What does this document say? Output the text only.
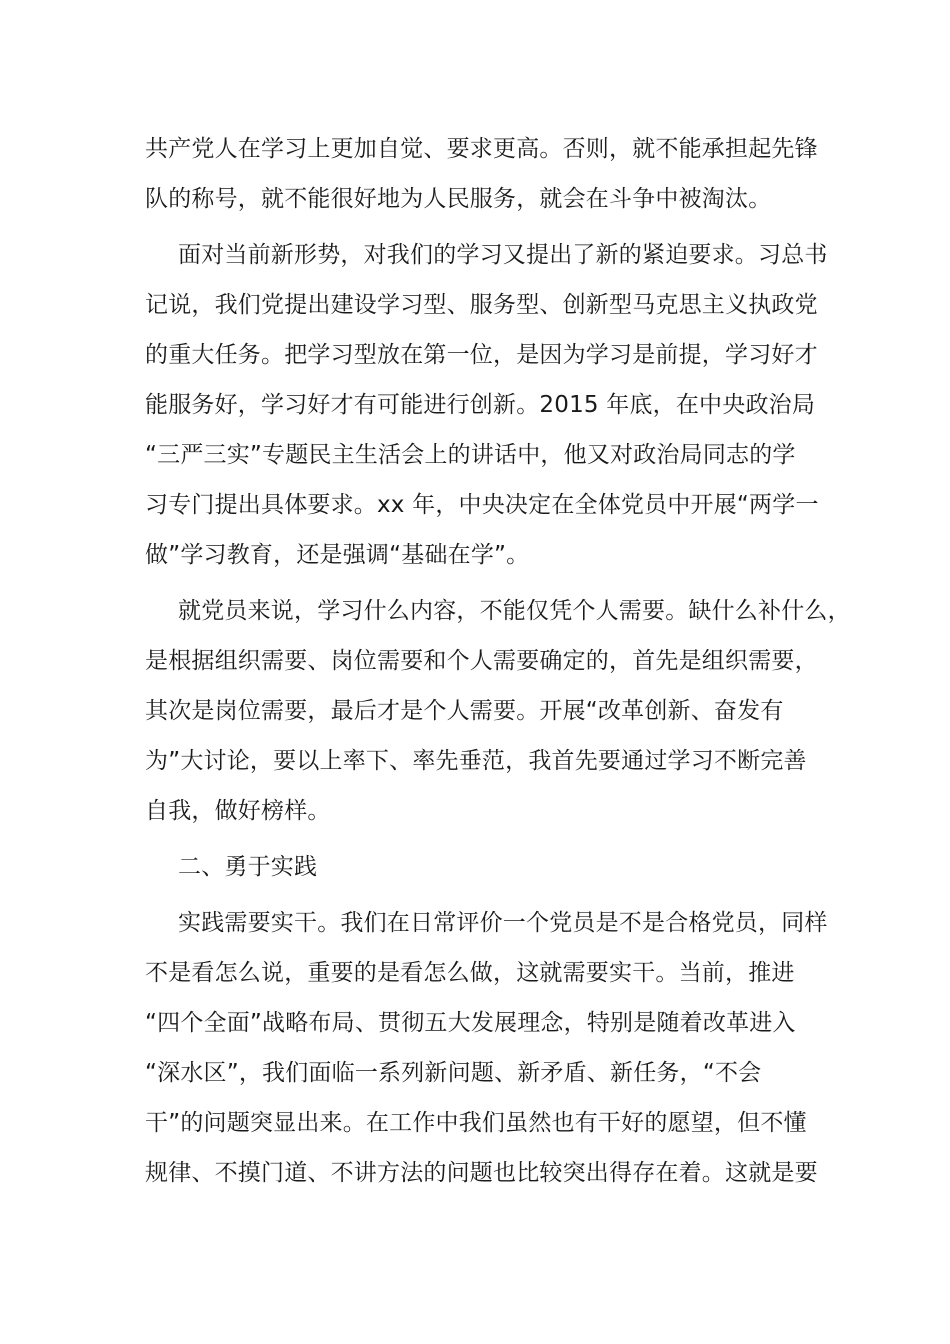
共产党人在学习上更加自觉、要求更高。否则，就不能承担起先锋

队的称号，就不能很好地为人民服务，就会在斗争中被淘汰。

面对当前新形势，对我们的学习又提出了新的紧迫要求。习总书

记说，我们党提出建设学习型、服务型、创新型马克思主义执政党

的重大任务。把学习型放在第一位，是因为学习是前提，学习好才

能服务好，学习好才有可能进行创新。2015 年底，在中央政治局

“三严三实”专题民主生活会上的讲话中，他又对政治局同志的学

习专门提出具体要求。xx 年，中央决定在全体党员中开展“两学一

做”学习教育，还是强调“基础在学”。

就党员来说，学习什么内容，不能仅凭个人需要。缺什么补什么，

是根据组织需要、岗位需要和个人需要确定的，首先是组织需要，

其次是岗位需要，最后才是个人需要。开展“改革创新、奋发有

为”大讨论，要以上率下、率先垂范，我首先要通过学习不断完善

自我，做好榜样。

二、勇于实践

实践需要实干。我们在日常评价一个党员是不是合格党员，同样

不是看怎么说，重要的是看怎么做，这就需要实干。当前，推进

“四个全面”战略布局、贯彻五大发展理念，特别是随着改革进入

“深水区”，我们面临一系列新问题、新矛盾、新任务，“不会

干”的问题突显出来。在工作中我们虽然也有干好的愿望，但不懂

规律、不摸门道、不讲方法的问题也比较突出得存在着。这就是要
